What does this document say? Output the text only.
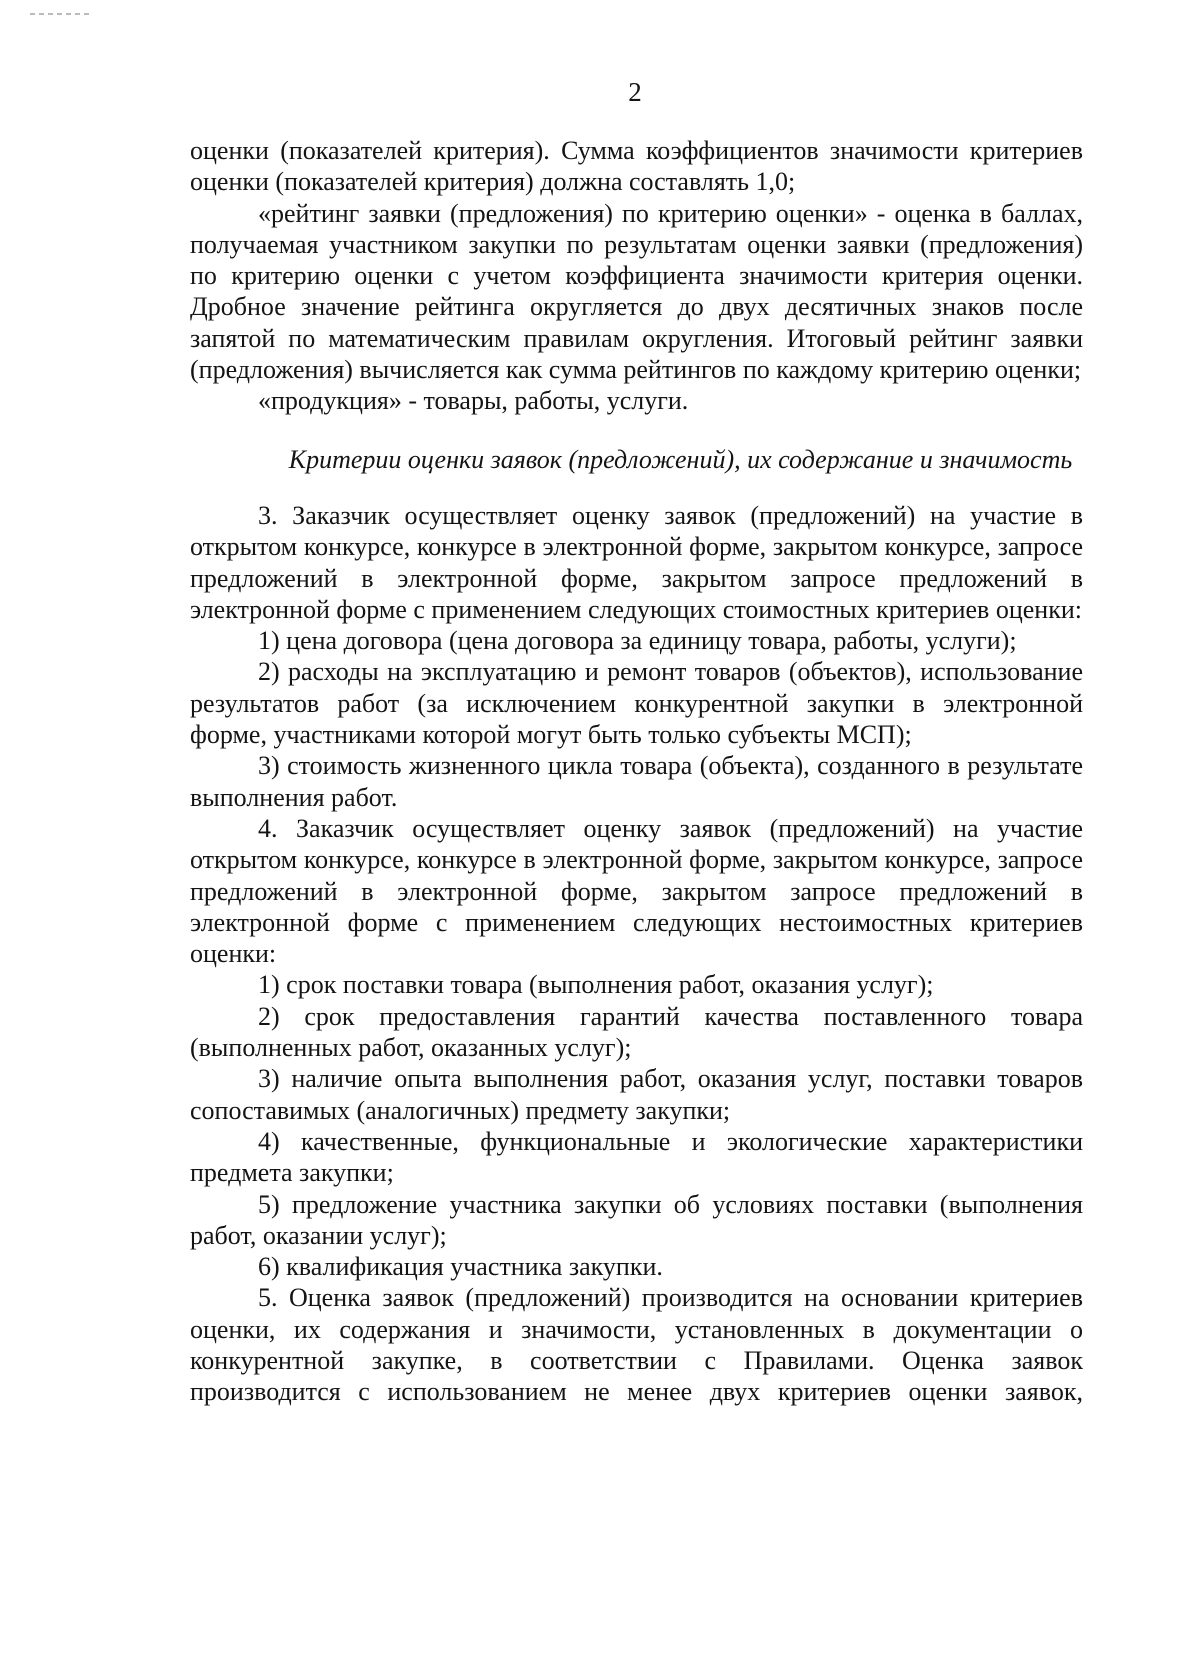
2

оценки (показателей критерия). Сумма коэффициентов значимости критериев оценки (показателей критерия) должна составлять 1,0;

«рейтинг заявки (предложения) по критерию оценки» - оценка в баллах, получаемая участником закупки по результатам оценки заявки (предложения) по критерию оценки с учетом коэффициента значимости критерия оценки. Дробное значение рейтинга округляется до двух десятичных знаков после запятой по математическим правилам округления. Итоговый рейтинг заявки (предложения) вычисляется как сумма рейтингов по каждому критерию оценки;

«продукция» - товары, работы, услуги.

Критерии оценки заявок (предложений), их содержание и значимость

3. Заказчик осуществляет оценку заявок (предложений) на участие в открытом конкурсе, конкурсе в электронной форме, закрытом конкурсе, запросе предложений в электронной форме, закрытом запросе предложений в электронной форме с применением следующих стоимостных критериев оценки:

1) цена договора (цена договора за единицу товара, работы, услуги);

2) расходы на эксплуатацию и ремонт товаров (объектов), использование результатов работ (за исключением конкурентной закупки в электронной форме, участниками которой могут быть только субъекты МСП);

3) стоимость жизненного цикла товара (объекта), созданного в результате выполнения работ.

4. Заказчик осуществляет оценку заявок (предложений) на участие открытом конкурсе, конкурсе в электронной форме, закрытом конкурсе, запросе предложений в электронной форме, закрытом запросе предложений в электронной форме с применением следующих нестоимостных критериев оценки:

1) срок поставки товара (выполнения работ, оказания услуг);

2) срок предоставления гарантий качества поставленного товара (выполненных работ, оказанных услуг);

3) наличие опыта выполнения работ, оказания услуг, поставки товаров сопоставимых (аналогичных) предмету закупки;

4) качественные, функциональные и экологические характеристики предмета закупки;

5) предложение участника закупки об условиях поставки (выполнения работ, оказании услуг);

6) квалификация участника закупки.

5. Оценка заявок (предложений) производится на основании критериев оценки, их содержания и значимости, установленных в документации о конкурентной закупке, в соответствии с Правилами. Оценка заявок производится с использованием не менее двух критериев оценки заявок,
